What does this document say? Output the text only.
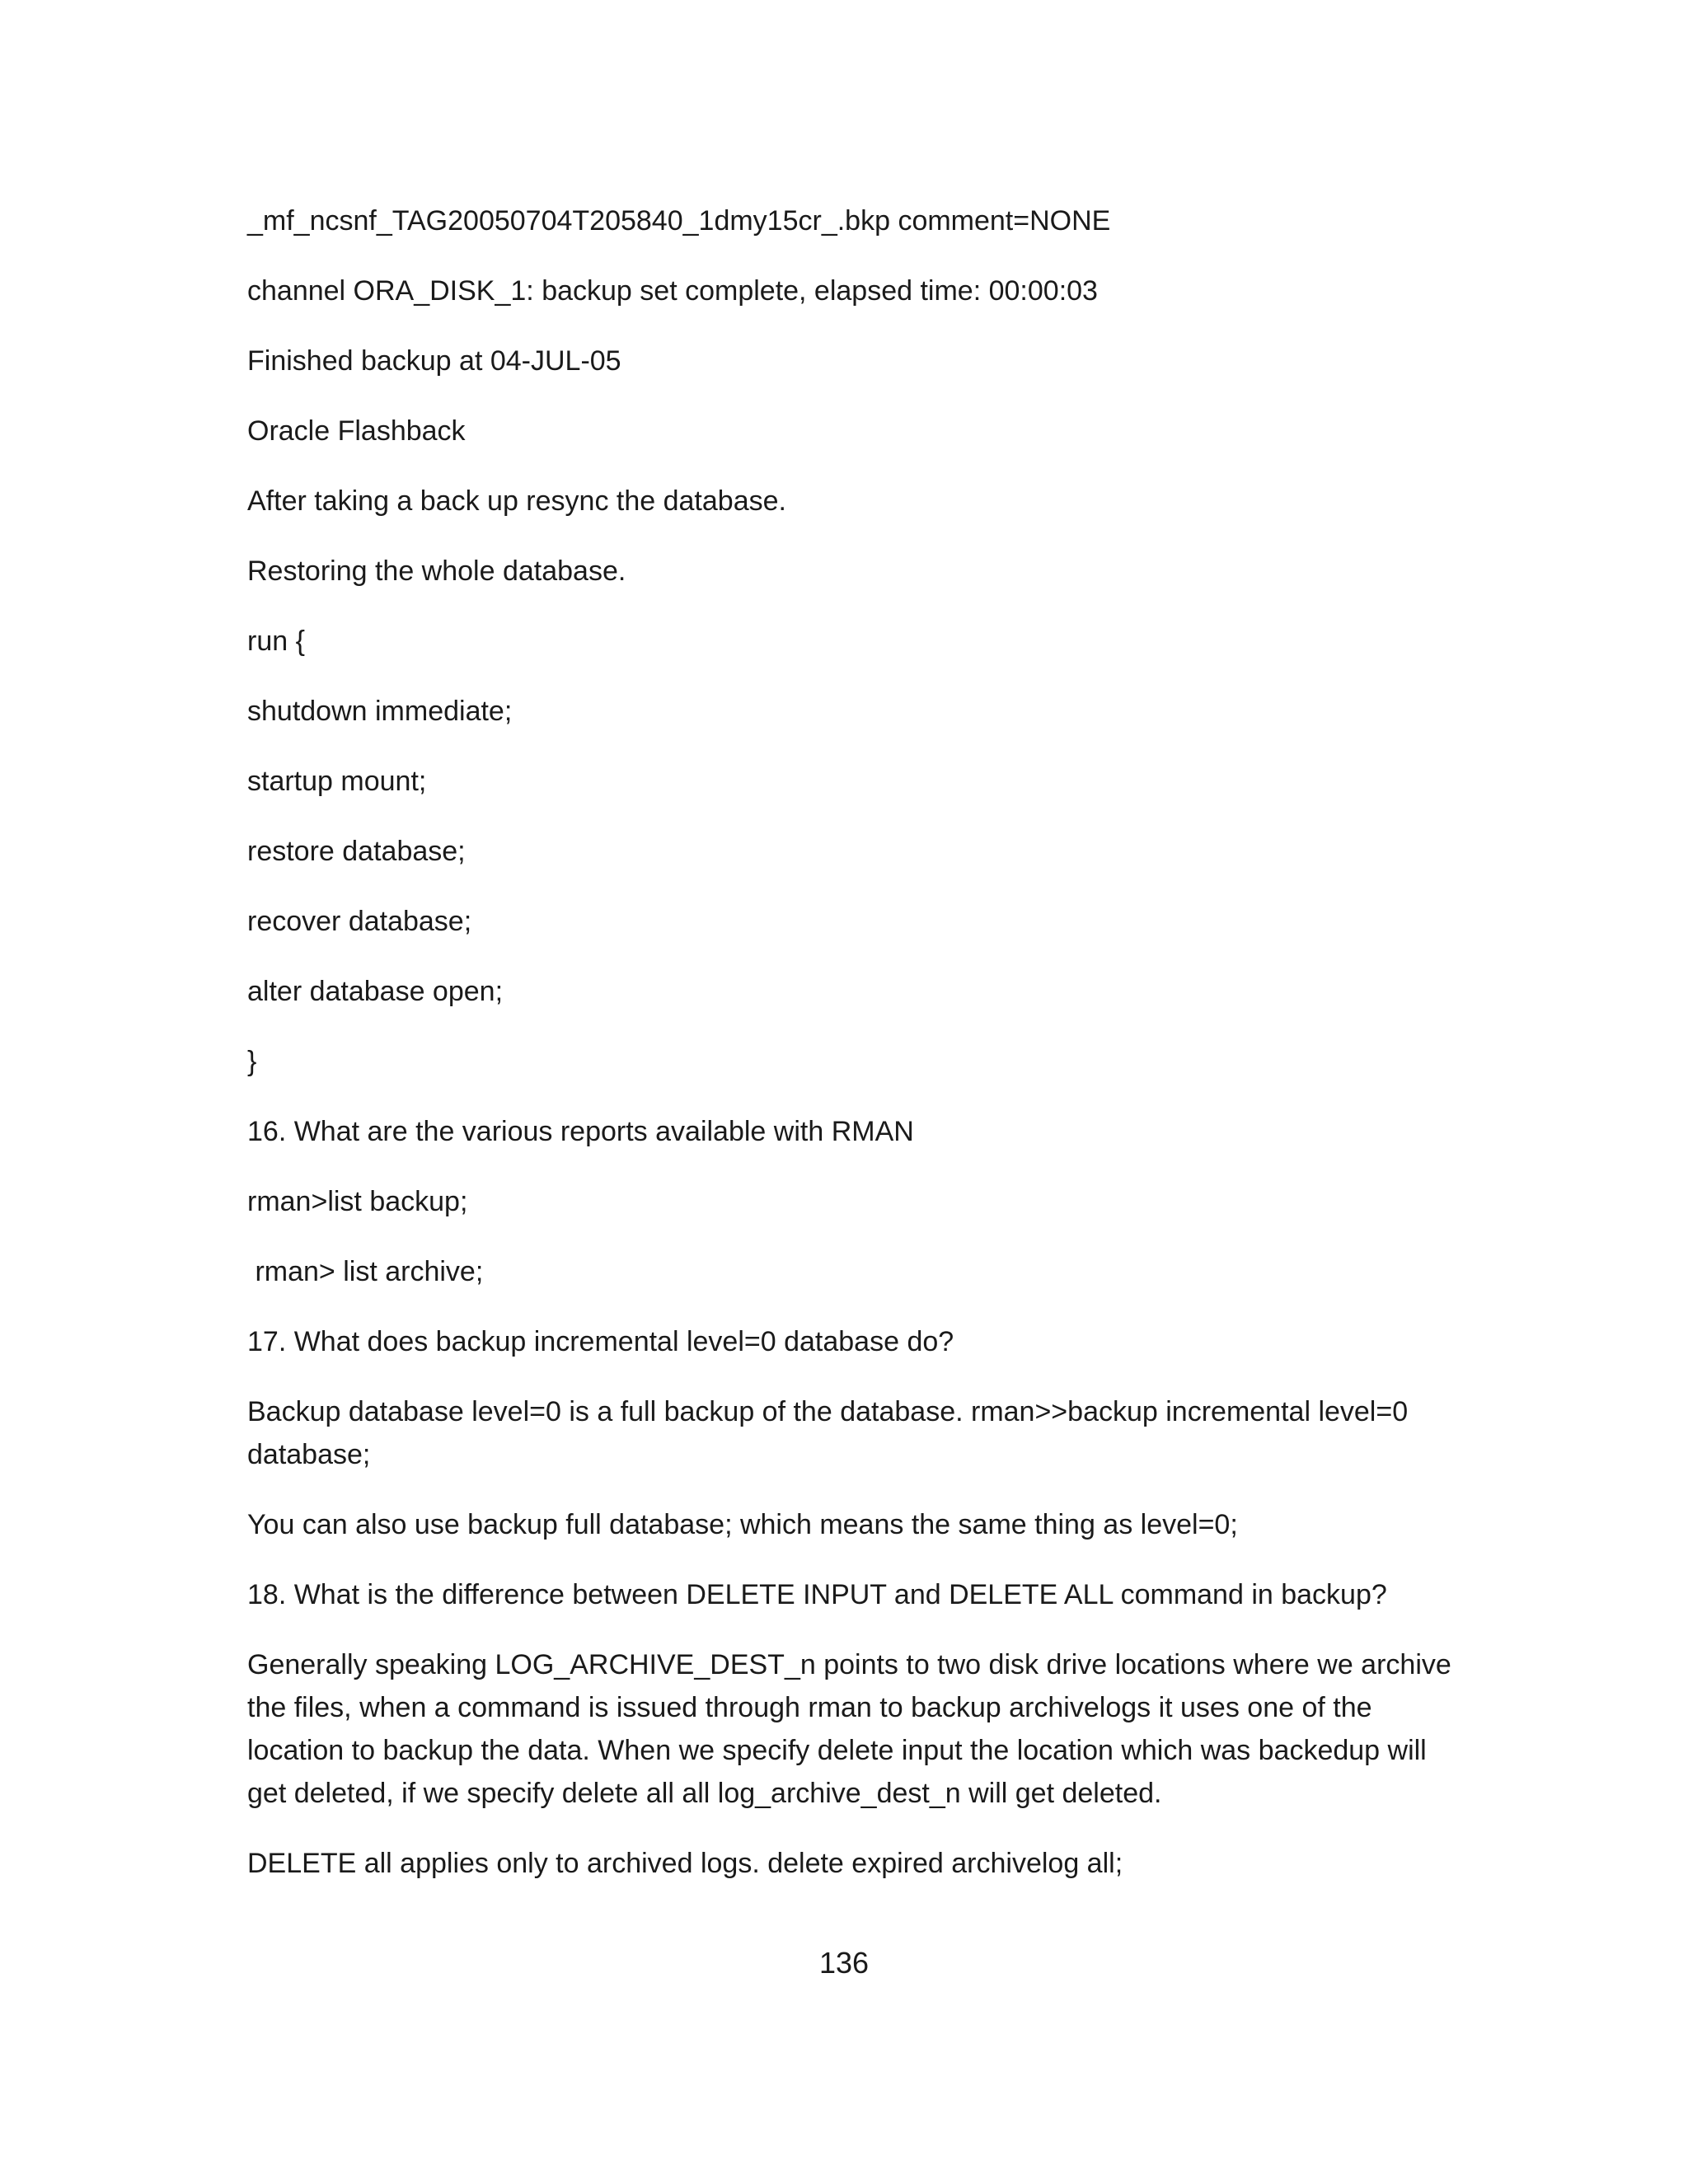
_mf_ncsnf_TAG20050704T205840_1dmy15cr_.bkp comment=NONE

channel ORA_DISK_1: backup set complete, elapsed time: 00:00:03

Finished backup at 04-JUL-05

Oracle Flashback

After taking a back up resync the database.

Restoring the whole database.

run {

shutdown immediate;

startup mount;

restore database;

recover database;

alter database open;

}

16. What are the various reports available with RMAN

rman>list backup;

rman> list archive;

17. What does backup incremental level=0 database do?

Backup database level=0 is a full backup of the database. rman>>backup incremental level=0 database;

You can also use backup full database; which means the same thing as level=0;

18. What is the difference between DELETE INPUT and DELETE ALL command in backup?

Generally speaking LOG_ARCHIVE_DEST_n points to two disk drive locations where we archive the files, when a command is issued through rman to backup archivelogs it uses one of the location to backup the data. When we specify delete input the location which was backedup will get deleted, if we specify delete all all log_archive_dest_n will get deleted.

DELETE all applies only to archived logs. delete expired archivelog all;

136
